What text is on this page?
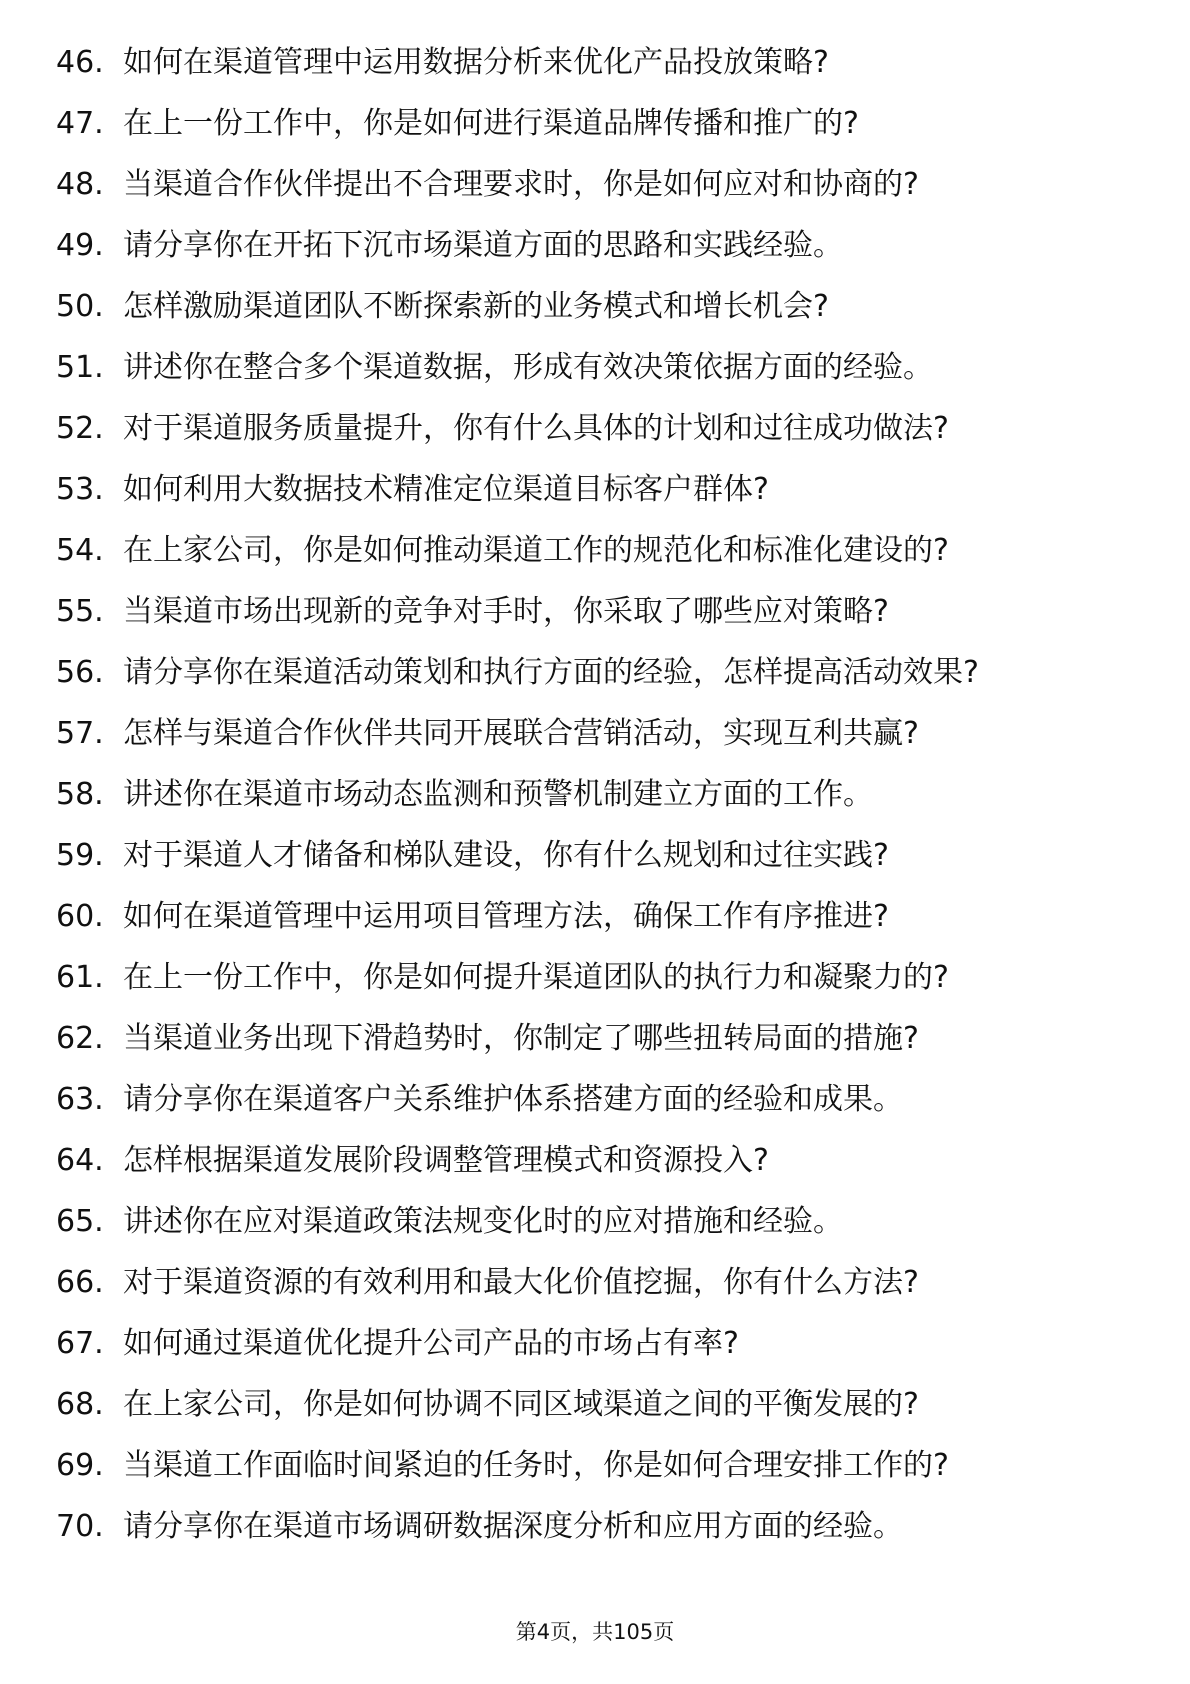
46. 如何在渠道管理中运用数据分析来优化产品投放策略?
47. 在上一份工作中，你是如何进行渠道品牌传播和推广的?
48. 当渠道合作伙伴提出不合理要求时，你是如何应对和协商的?
49. 请分享你在开拓下沉市场渠道方面的思路和实践经验。
50. 怎样激励渠道团队不断探索新的业务模式和增长机会?
51. 讲述你在整合多个渠道数据，形成有效决策依据方面的经验。
52. 对于渠道服务质量提升，你有什么具体的计划和过往成功做法?
53. 如何利用大数据技术精准定位渠道目标客户群体?
54. 在上家公司，你是如何推动渠道工作的规范化和标准化建设的?
55. 当渠道市场出现新的竞争对手时，你采取了哪些应对策略?
56. 请分享你在渠道活动策划和执行方面的经验，怎样提高活动效果?
57. 怎样与渠道合作伙伴共同开展联合营销活动，实现互利共赢?
58. 讲述你在渠道市场动态监测和预警机制建立方面的工作。
59. 对于渠道人才储备和梯队建设，你有什么规划和过往实践?
60. 如何在渠道管理中运用项目管理方法，确保工作有序推进?
61. 在上一份工作中，你是如何提升渠道团队的执行力和凝聚力的?
62. 当渠道业务出现下滑趋势时，你制定了哪些扭转局面的措施?
63. 请分享你在渠道客户关系维护体系搭建方面的经验和成果。
64. 怎样根据渠道发展阶段调整管理模式和资源投入?
65. 讲述你在应对渠道政策法规变化时的应对措施和经验。
66. 对于渠道资源的有效利用和最大化价值挖掘，你有什么方法?
67. 如何通过渠道优化提升公司产品的市场占有率?
68. 在上家公司，你是如何协调不同区域渠道之间的平衡发展的?
69. 当渠道工作面临时间紧迫的任务时，你是如何合理安排工作的?
70. 请分享你在渠道市场调研数据深度分析和应用方面的经验。
第4页，共105页
